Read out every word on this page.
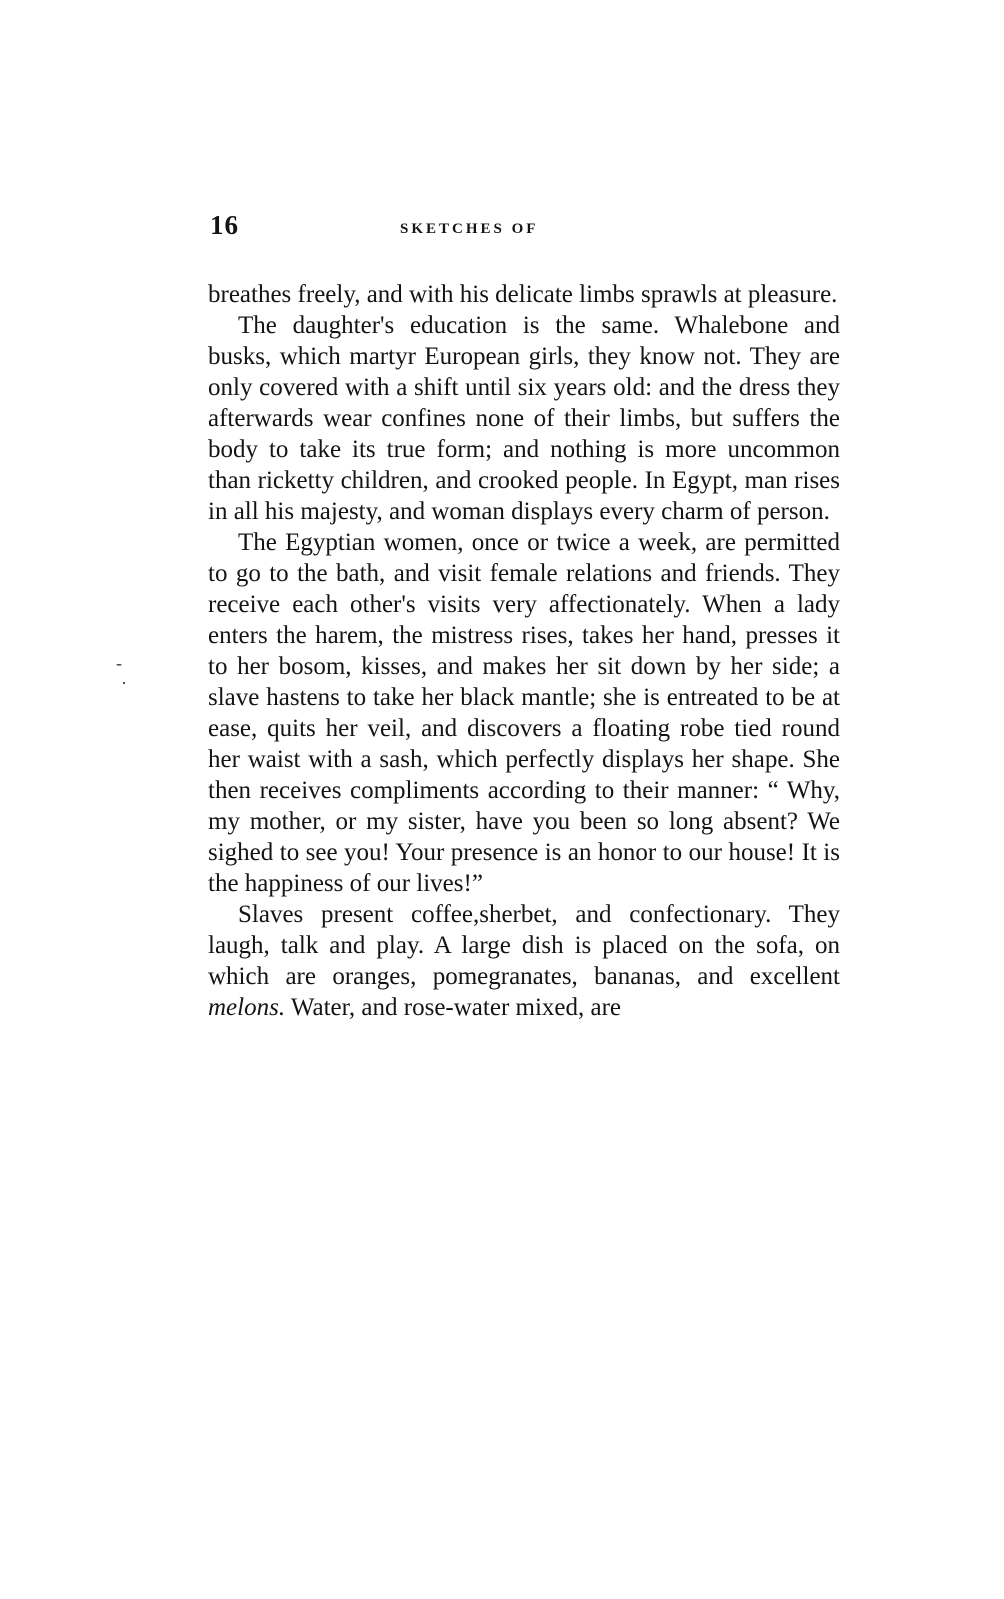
16	SKETCHES OF
-
·

breathes freely, and with his delicate limbs sprawls at pleasure.

The daughter's education is the same. Whalebone and busks, which martyr European girls, they know not. They are only covered with a shift until six years old: and the dress they afterwards wear confines none of their limbs, but suffers the body to take its true form; and nothing is more uncommon than ricketty children, and crooked people. In Egypt, man rises in all his majesty, and woman displays every charm of person.

The Egyptian women, once or twice a week, are permitted to go to the bath, and visit female relations and friends. They receive each other's visits very affectionately. When a lady enters the harem, the mistress rises, takes her hand, presses it to her bosom, kisses, and makes her sit down by her side; a slave hastens to take her black mantle; she is entreated to be at ease, quits her veil, and discovers a floating robe tied round her waist with a sash, which perfectly displays her shape. She then receives compliments according to their manner: “ Why, my mother, or my sister, have you been so long absent? We sighed to see you! Your presence is an honor to our house! It is the happiness of our lives!”

Slaves present coffee,sherbet, and confectionary. They laugh, talk and play. A large dish is placed on the sofa, on which are oranges, pomegranates, bananas, and excellent melons. Water, and rose-water mixed, are
